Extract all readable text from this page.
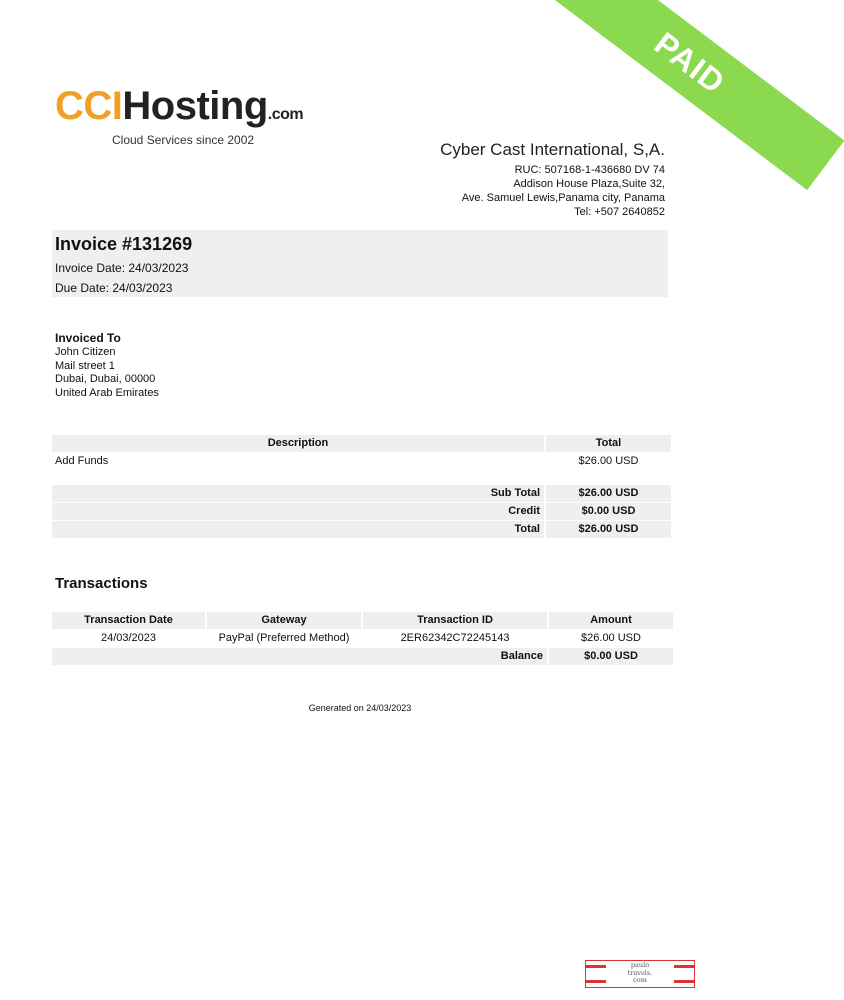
PAID
CCIHosting.com
Cloud Services since 2002	Cyber Cast International, S,A.
RUC: 507168-1-436680 DV 74
Addison House Plaza,Suite 32,
Ave. Samuel Lewis,Panama city, Panama
Tel: +507 2640852
Invoice #131269
Invoice Date: 24/03/2023
Due Date: 24/03/2023
Invoiced To
John Citizen
Mail street 1
Dubai, Dubai, 00000
United Arab Emirates
Description	Total
Add Funds	$26.00 USD
Sub Total	$26.00 USD
Credit	$0.00 USD
Total	$26.00 USD
Transactions
Transaction Date	Gateway	Transaction ID	Amount
24/03/2023	PayPal (Preferred Method)	2ER62342C72245143	$26.00 USD
Balance	$0.00 USD
Generated on 24/03/2023
paulo
travels.
com
